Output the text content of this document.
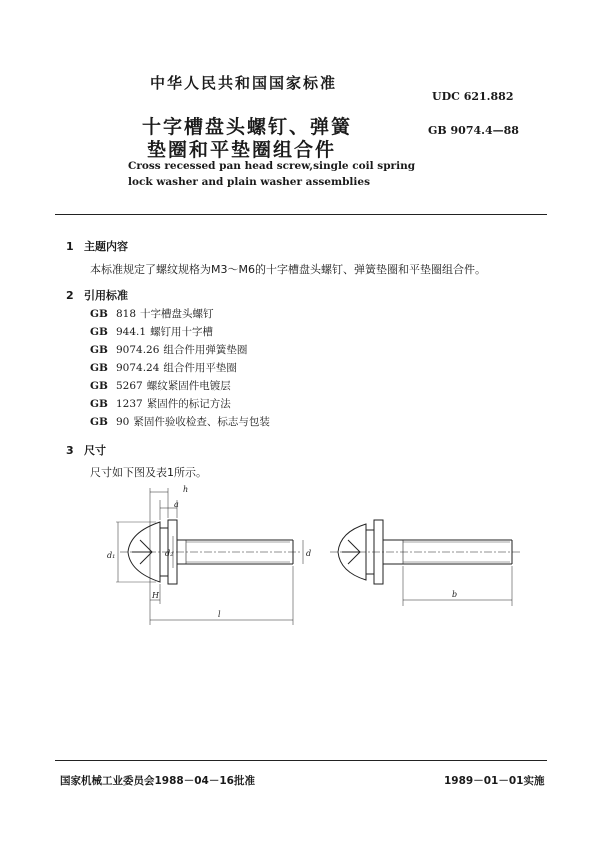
中华人民共和国国家标准
UDC 621.882
GB 9074.4—88
十字槽盘头螺钉、弹簧
垫圈和平垫圈组合件
Cross recessed pan head screw,single coil spring
lock washer and plain washer assemblies
1 主题内容
本标准规定了螺纹规格为M3～M6的十字槽盘头螺钉、弹簧垫圈和平垫圈组合件。
2 引用标准
GB 818 十字槽盘头螺钉
GB 944.1 螺钉用十字槽
GB 9074.26 组合件用弹簧垫圈
GB 9074.24 组合件用平垫圈
GB 5267 螺纹紧固件电镀层
GB 1237 紧固件的标记方法
GB 90 紧固件验收检查、标志与包装
3 尺寸
尺寸如下图及表1所示。
h
a
d₁	d₂	d
H
l
b
国家机械工业委员会1988－04－16批准	1989－01－01实施
